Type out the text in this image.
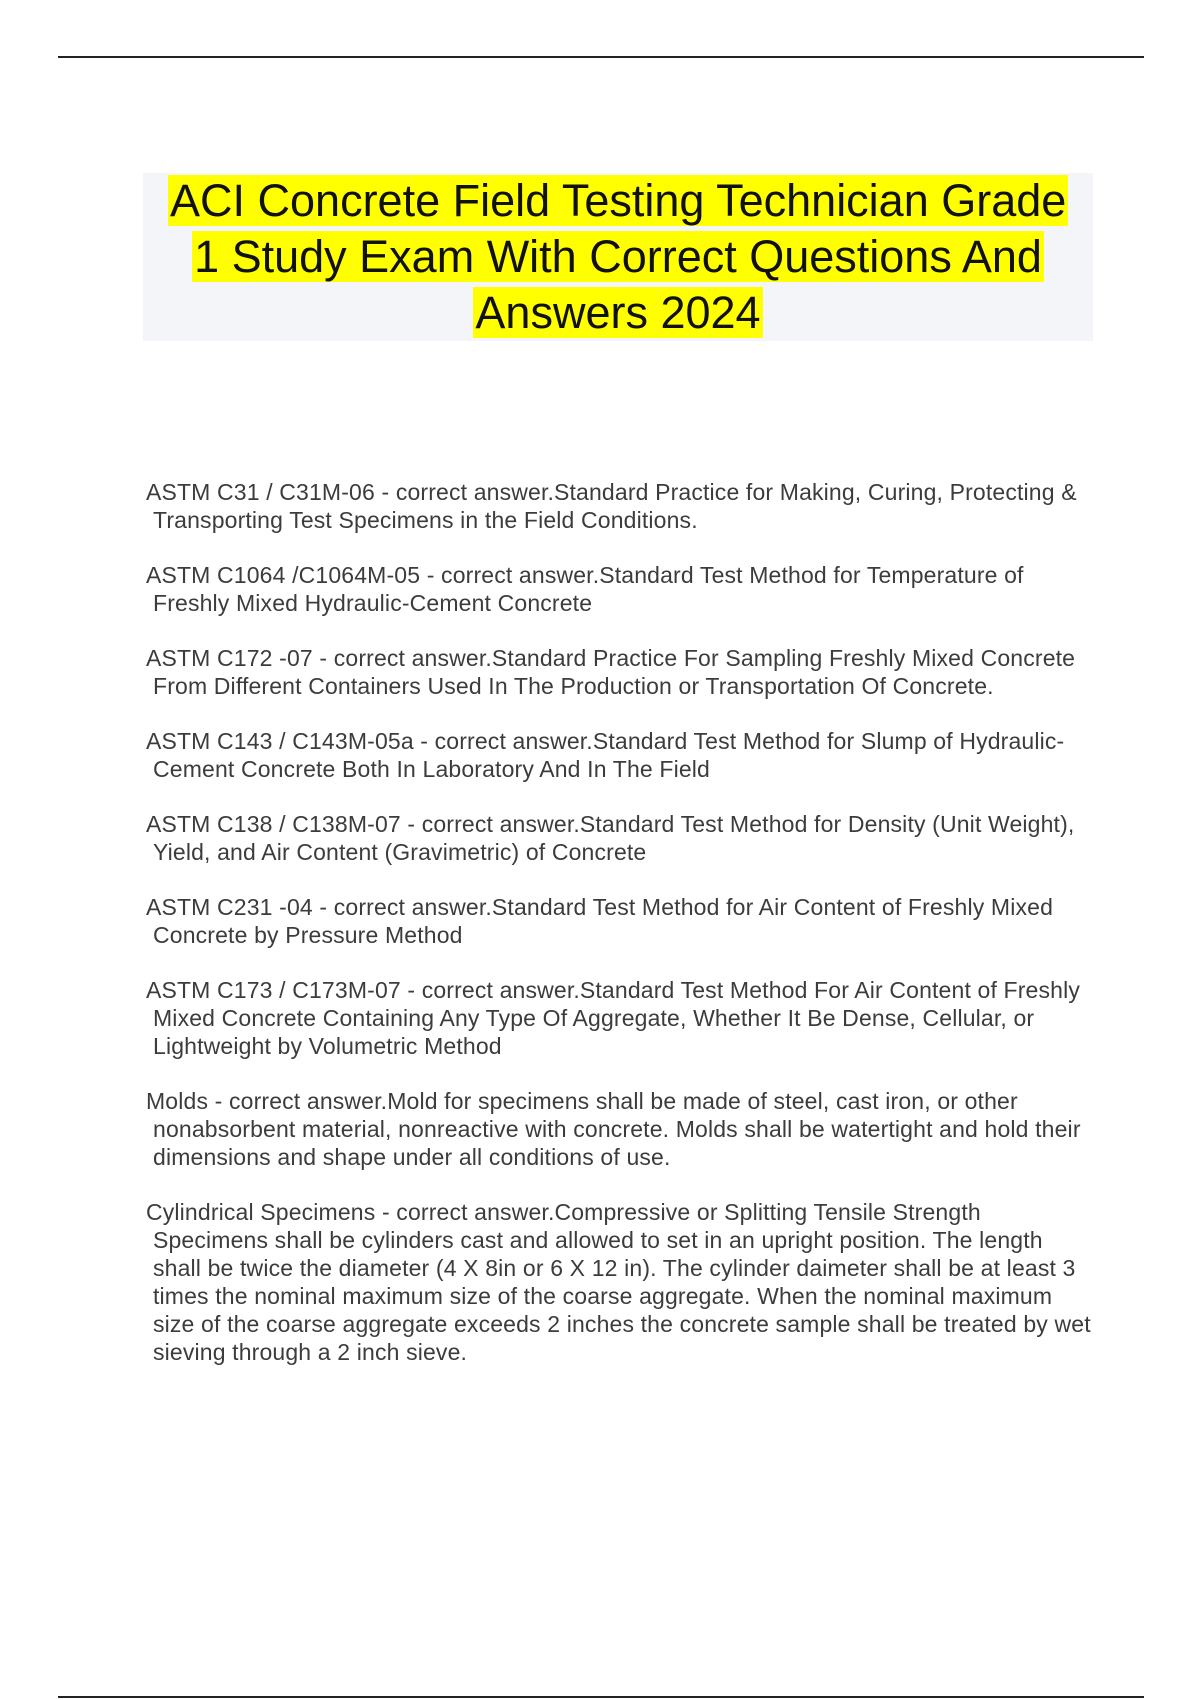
ACI Concrete Field Testing Technician Grade 1 Study Exam With Correct Questions And Answers 2024

ASTM C31 / C31M-06 - correct answer.Standard Practice for Making, Curing, Protecting & Transporting Test Specimens in the Field Conditions.

ASTM C1064 /C1064M-05 - correct answer.Standard Test Method for Temperature of Freshly Mixed Hydraulic-Cement Concrete

ASTM C172 -07 - correct answer.Standard Practice For Sampling Freshly Mixed Concrete From Different Containers Used In The Production or Transportation Of Concrete.

ASTM C143 / C143M-05a - correct answer.Standard Test Method for Slump of Hydraulic-Cement Concrete Both In Laboratory And In The Field

ASTM C138 / C138M-07 - correct answer.Standard Test Method for Density (Unit Weight), Yield, and Air Content (Gravimetric) of Concrete

ASTM C231 -04 - correct answer.Standard Test Method for Air Content of Freshly Mixed Concrete by Pressure Method

ASTM C173 / C173M-07 - correct answer.Standard Test Method For Air Content of Freshly Mixed Concrete Containing Any Type Of Aggregate, Whether It Be Dense, Cellular, or Lightweight by Volumetric Method

Molds - correct answer.Mold for specimens shall be made of steel, cast iron, or other nonabsorbent material, nonreactive with concrete. Molds shall be watertight and hold their dimensions and shape under all conditions of use.

Cylindrical Specimens - correct answer.Compressive or Splitting Tensile Strength Specimens shall be cylinders cast and allowed to set in an upright position. The length shall be twice the diameter (4 X 8in or 6 X 12 in). The cylinder daimeter shall be at least 3 times the nominal maximum size of the coarse aggregate. When the nominal maximum size of the coarse aggregate exceeds 2 inches the concrete sample shall be treated by wet sieving through a 2 inch sieve.
